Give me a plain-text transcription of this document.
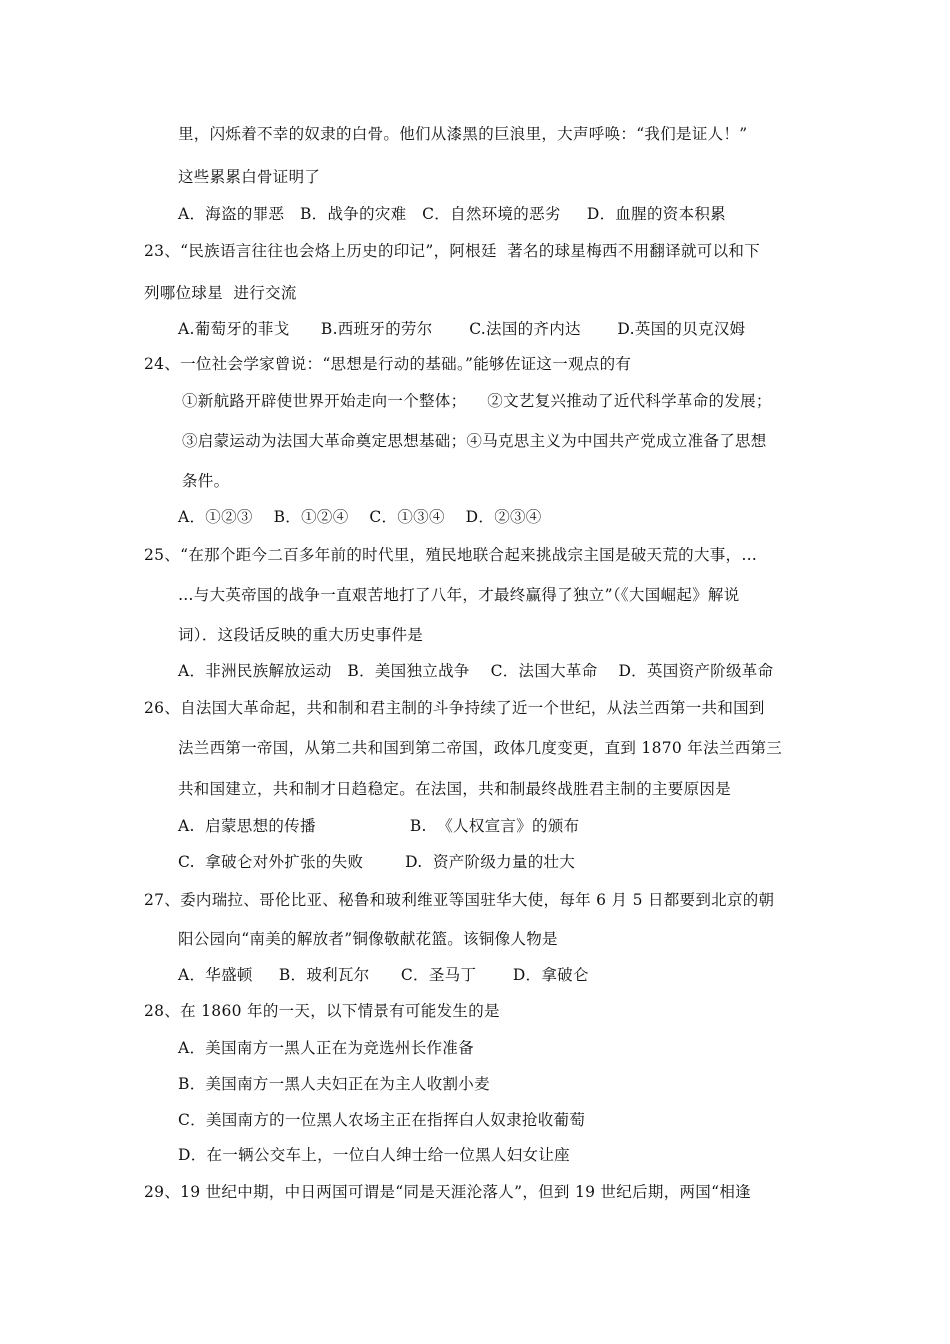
里，闪烁着不幸的奴隶的白骨。他们从漆黑的巨浪里，大声呼唤：“我们是证人！”
这些累累白骨证明了
A．海盗的罪恶   B．战争的灾难   C．自然环境的恶劣     D．血腥的资本积累
23、“民族语言往往也会烙上历史的印记”，阿根廷  著名的球星梅西不用翻译就可以和下
列哪位球星  进行交流
A.葡萄牙的菲戈      B.西班牙的劳尔       C.法国的齐内达       D.英国的贝克汉姆
24、一位社会学家曾说：“思想是行动的基础。”能够佐证这一观点的有
①新航路开辟使世界开始走向一个整体；    ②文艺复兴推动了近代科学革命的发展；
③启蒙运动为法国大革命奠定思想基础；④马克思主义为中国共产党成立准备了思想
条件。
A．①②③    B．①②④    C．①③④    D．②③④
25、“在那个距今二百多年前的时代里，殖民地联合起来挑战宗主国是破天荒的大事，…
…与大英帝国的战争一直艰苦地打了八年，才最终赢得了独立”（《大国崛起》解说
词）．这段话反映的重大历史事件是
A．非洲民族解放运动   B．美国独立战争    C．法国大革命    D．英国资产阶级革命
26、自法国大革命起，共和制和君主制的斗争持续了近一个世纪，从法兰西第一共和国到
法兰西第一帝国，从第二共和国到第二帝国，政体几度变更，直到 1870 年法兰西第三
共和国建立，共和制才日趋稳定。在法国，共和制最终战胜君主制的主要原因是
A.  启蒙思想的传播                  B.  《人权宣言》的颁布
C.  拿破仑对外扩张的失败        D.  资产阶级力量的壮大
27、委内瑞拉、哥伦比亚、秘鲁和玻利维亚等国驻华大使，每年 6 月 5 日都要到北京的朝
阳公园向“南美的解放者”铜像敬献花篮。该铜像人物是
A．华盛顿     B．玻利瓦尔      C．圣马丁       D．拿破仑
28、在 1860 年的一天，以下情景有可能发生的是
A．美国南方一黑人正在为竞选州长作准备
B．美国南方一黑人夫妇正在为主人收割小麦
C．美国南方的一位黑人农场主正在指挥白人奴隶抢收葡萄
D．在一辆公交车上，一位白人绅士给一位黑人妇女让座
29、19 世纪中期，中日两国可谓是“同是天涯沦落人”，但到 19 世纪后期，两国“相逢
